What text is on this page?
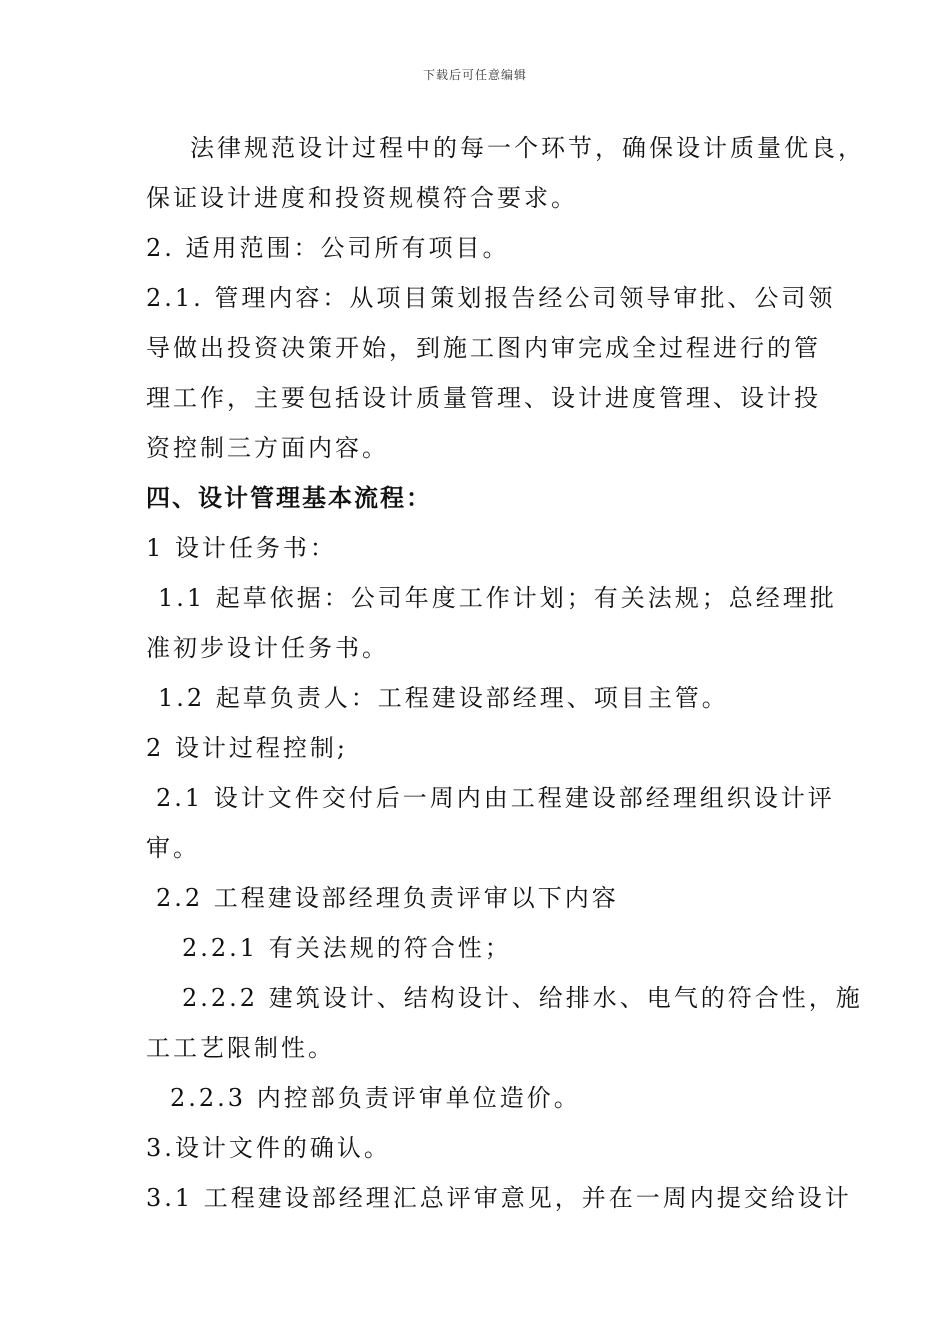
下载后可任意编辑
法律规范设计过程中的每一个环节，确保设计质量优良，
保证设计进度和投资规模符合要求。
2. 适用范围：公司所有项目。
2.1. 管理内容：从项目策划报告经公司领导审批、公司领
导做出投资决策开始，到施工图内审完成全过程进行的管
理工作，主要包括设计质量管理、设计进度管理、设计投
资控制三方面内容。
四、设计管理基本流程：
1 设计任务书：
1.1 起草依据：公司年度工作计划；有关法规；总经理批
准初步设计任务书。
1.2 起草负责人：工程建设部经理、项目主管。
2 设计过程控制;
2.1 设计文件交付后一周内由工程建设部经理组织设计评
审。
2.2 工程建设部经理负责评审以下内容
2.2.1 有关法规的符合性；
2.2.2 建筑设计、结构设计、给排水、电气的符合性，施
工工艺限制性。
2.2.3 内控部负责评审单位造价。
3.设计文件的确认。
3.1 工程建设部经理汇总评审意见，并在一周内提交给设计
